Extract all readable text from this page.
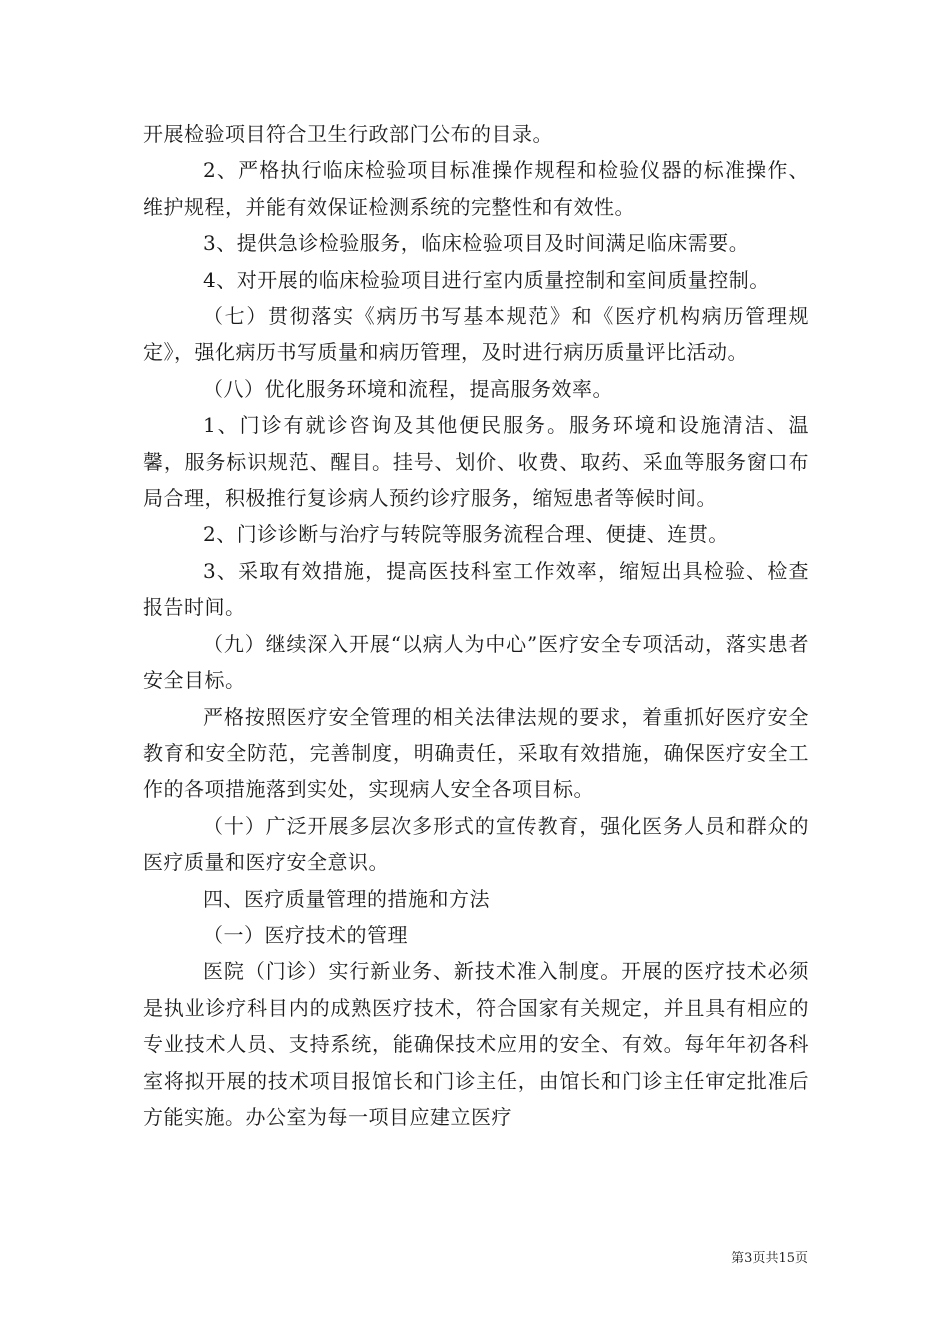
开展检验项目符合卫生行政部门公布的目录。

2、严格执行临床检验项目标准操作规程和检验仪器的标准操作、维护规程，并能有效保证检测系统的完整性和有效性。

3、提供急诊检验服务，临床检验项目及时间满足临床需要。

4、对开展的临床检验项目进行室内质量控制和室间质量控制。

（七）贯彻落实《病历书写基本规范》和《医疗机构病历管理规定》，强化病历书写质量和病历管理，及时进行病历质量评比活动。

（八）优化服务环境和流程，提高服务效率。

1、门诊有就诊咨询及其他便民服务。服务环境和设施清洁、温馨，服务标识规范、醒目。挂号、划价、收费、取药、采血等服务窗口布局合理，积极推行复诊病人预约诊疗服务，缩短患者等候时间。

2、门诊诊断与治疗与转院等服务流程合理、便捷、连贯。

3、采取有效措施，提高医技科室工作效率，缩短出具检验、检查报告时间。

（九）继续深入开展“以病人为中心”医疗安全专项活动，落实患者安全目标。

严格按照医疗安全管理的相关法律法规的要求，着重抓好医疗安全教育和安全防范，完善制度，明确责任，采取有效措施，确保医疗安全工作的各项措施落到实处，实现病人安全各项目标。

（十）广泛开展多层次多形式的宣传教育，强化医务人员和群众的医疗质量和医疗安全意识。

四、医疗质量管理的措施和方法

（一）医疗技术的管理

医院（门诊）实行新业务、新技术准入制度。开展的医疗技术必须是执业诊疗科目内的成熟医疗技术，符合国家有关规定，并且具有相应的专业技术人员、支持系统，能确保技术应用的安全、有效。每年年初各科室将拟开展的技术项目报馆长和门诊主任，由馆长和门诊主任审定批准后方能实施。办公室为每一项目应建立医疗

第3页共15页
